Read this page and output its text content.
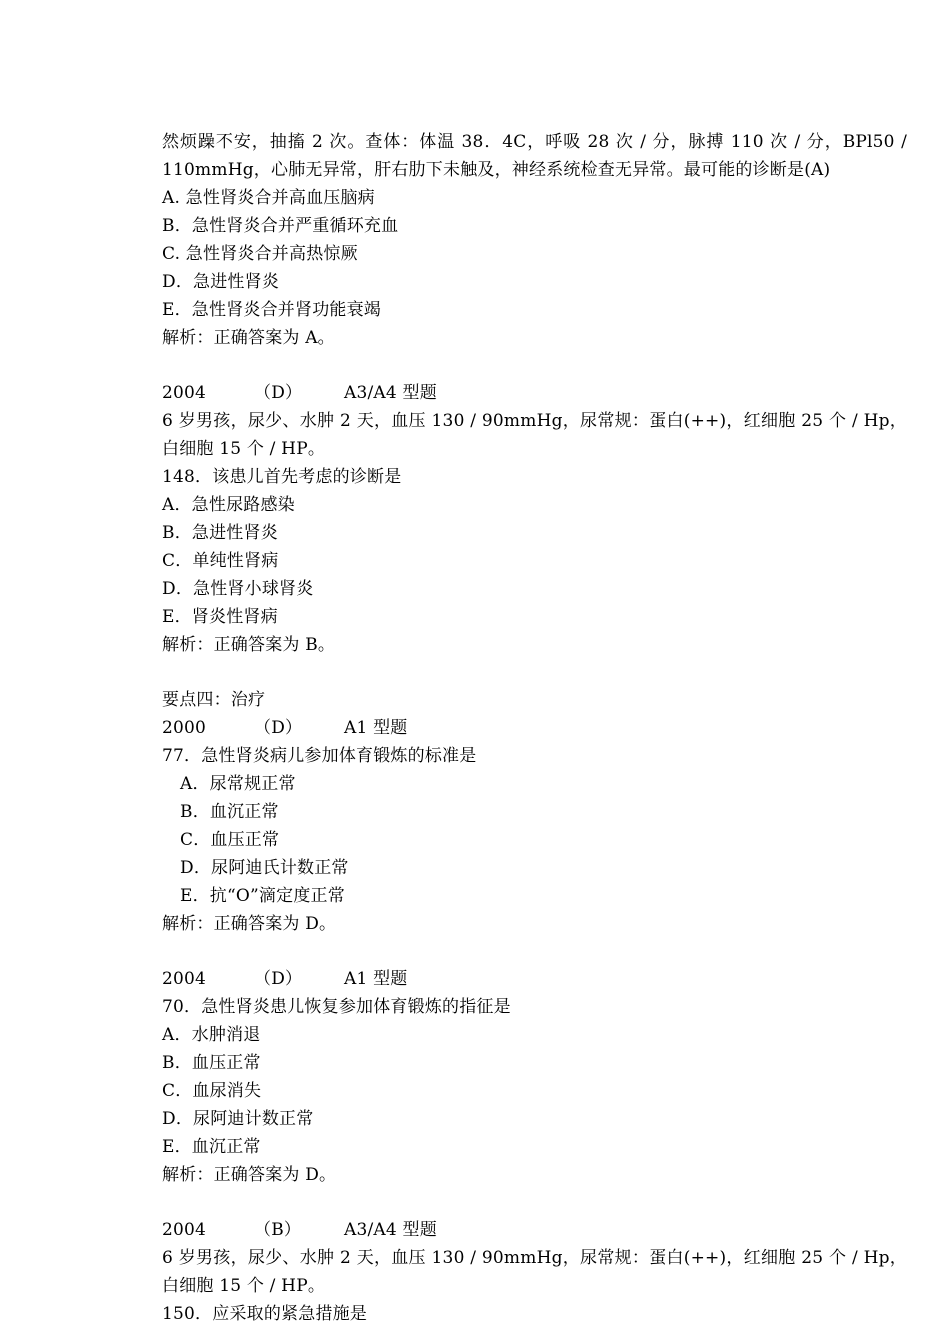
然烦躁不安，抽搐 2 次。查体：体温 38．4C，呼吸 28 次 / 分，脉搏 110 次 / 分，BPl50 / 110mmHg，心肺无异常，肝右肋下未触及，神经系统检查无异常。最可能的诊断是(A)
A. 急性肾炎合并高血压脑病
B．急性肾炎合并严重循环充血
C. 急性肾炎合并高热惊厥
D．急进性肾炎
E．急性肾炎合并肾功能衰竭
解析：正确答案为 A。
2004	（D）	A3/A4 型题
6 岁男孩，尿少、水肿 2 天，血压 130 / 90mmHg，尿常规：蛋白(++)，红细胞 25 个 / Hp，白细胞 15 个 / HP。
148．该患儿首先考虑的诊断是
A．急性尿路感染
B．急进性肾炎
C．单纯性肾病
D．急性肾小球肾炎
E．肾炎性肾病
解析：正确答案为 B。
要点四：治疗
2000	（D）	A1 型题
77．急性肾炎病儿参加体育锻炼的标准是
A．尿常规正常
B．血沉正常
C．血压正常
D．尿阿迪氏计数正常
E．抗“O”滴定度正常
解析：正确答案为 D。
2004	（D）	A1 型题
70．急性肾炎患儿恢复参加体育锻炼的指征是
A．水肿消退
B．血压正常
C．血尿消失
D．尿阿迪计数正常
E．血沉正常
解析：正确答案为 D。
2004	（B）	A3/A4 型题
6 岁男孩，尿少、水肿 2 天，血压 130 / 90mmHg，尿常规：蛋白(++)，红细胞 25 个 / Hp，白细胞 15 个 / HP。
150．应采取的紧急措施是
